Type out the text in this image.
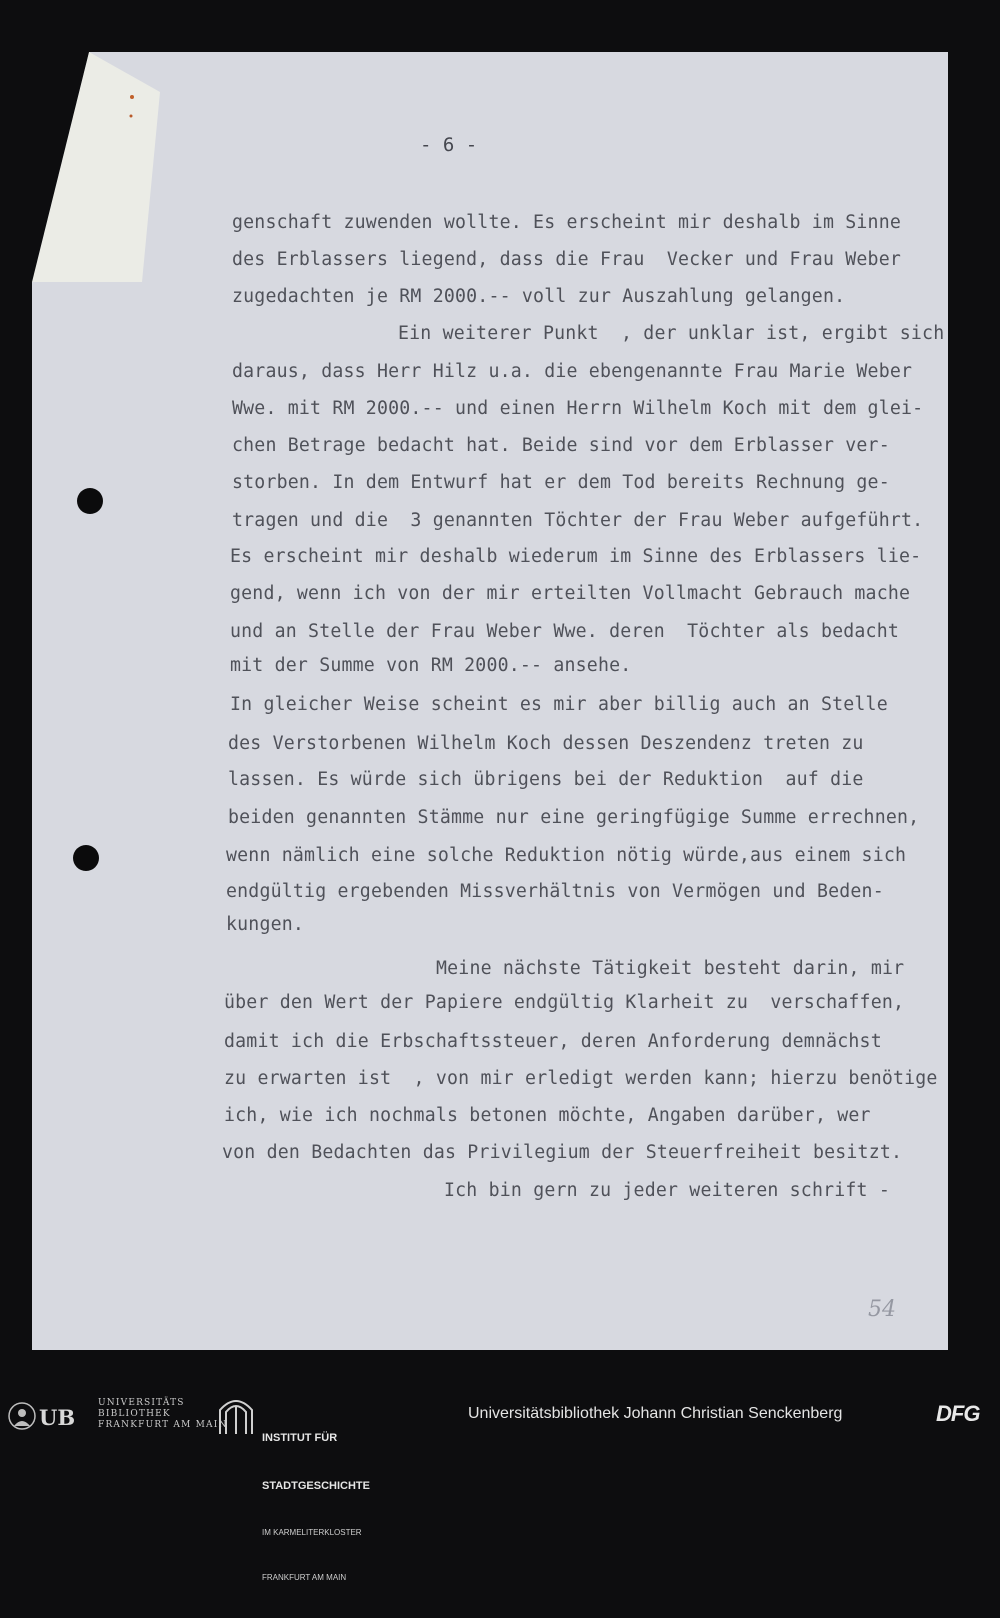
- 6 -
genschaft zuwenden wollte. Es erscheint mir deshalb im Sinne
des Erblassers liegend, dass die Frau  Vecker und Frau Weber
zugedachten je RM 2000.-- voll zur Auszahlung gelangen.
Ein weiterer Punkt  , der unklar ist, ergibt sich
daraus, dass Herr Hilz u.a. die ebengenannte Frau Marie Weber
Wwe. mit RM 2000.-- und einen Herrn Wilhelm Koch mit dem glei-
chen Betrage bedacht hat. Beide sind vor dem Erblasser ver-
storben. In dem Entwurf hat er dem Tod bereits Rechnung ge-
tragen und die  3 genannten Töchter der Frau Weber aufgeführt.
Es erscheint mir deshalb wiederum im Sinne des Erblassers lie-
gend, wenn ich von der mir erteilten Vollmacht Gebrauch mache
und an Stelle der Frau Weber Wwe. deren  Töchter als bedacht
mit der Summe von RM 2000.-- ansehe.
In gleicher Weise scheint es mir aber billig auch an Stelle
des Verstorbenen Wilhelm Koch dessen Deszendenz treten zu
lassen. Es würde sich übrigens bei der Reduktion  auf die
beiden genannten Stämme nur eine geringfügige Summe errechnen,
wenn nämlich eine solche Reduktion nötig würde,aus einem sich
endgültig ergebenden Missverhältnis von Vermögen und Beden-
kungen.
Meine nächste Tätigkeit besteht darin, mir
über den Wert der Papiere endgültig Klarheit zu  verschaffen,
damit ich die Erbschaftssteuer, deren Anforderung demnächst
zu erwarten ist  , von mir erledigt werden kann; hierzu benötige
ich, wie ich nochmals betonen möchte, Angaben darüber, wer
von den Bedachten das Privilegium der Steuerfreiheit besitzt.
Ich bin gern zu jeder weiteren schrift -
54
UB
UNIVERSITÄTS
BIBLIOTHEK
FRANKFURT AM MAIN

INSTITUT FÜR

STADTGESCHICHTE

IM KARMELITERKLOSTER

FRANKFURT AM MAIN

Universitätsbibliothek Johann Christian Senckenberg	DFG
